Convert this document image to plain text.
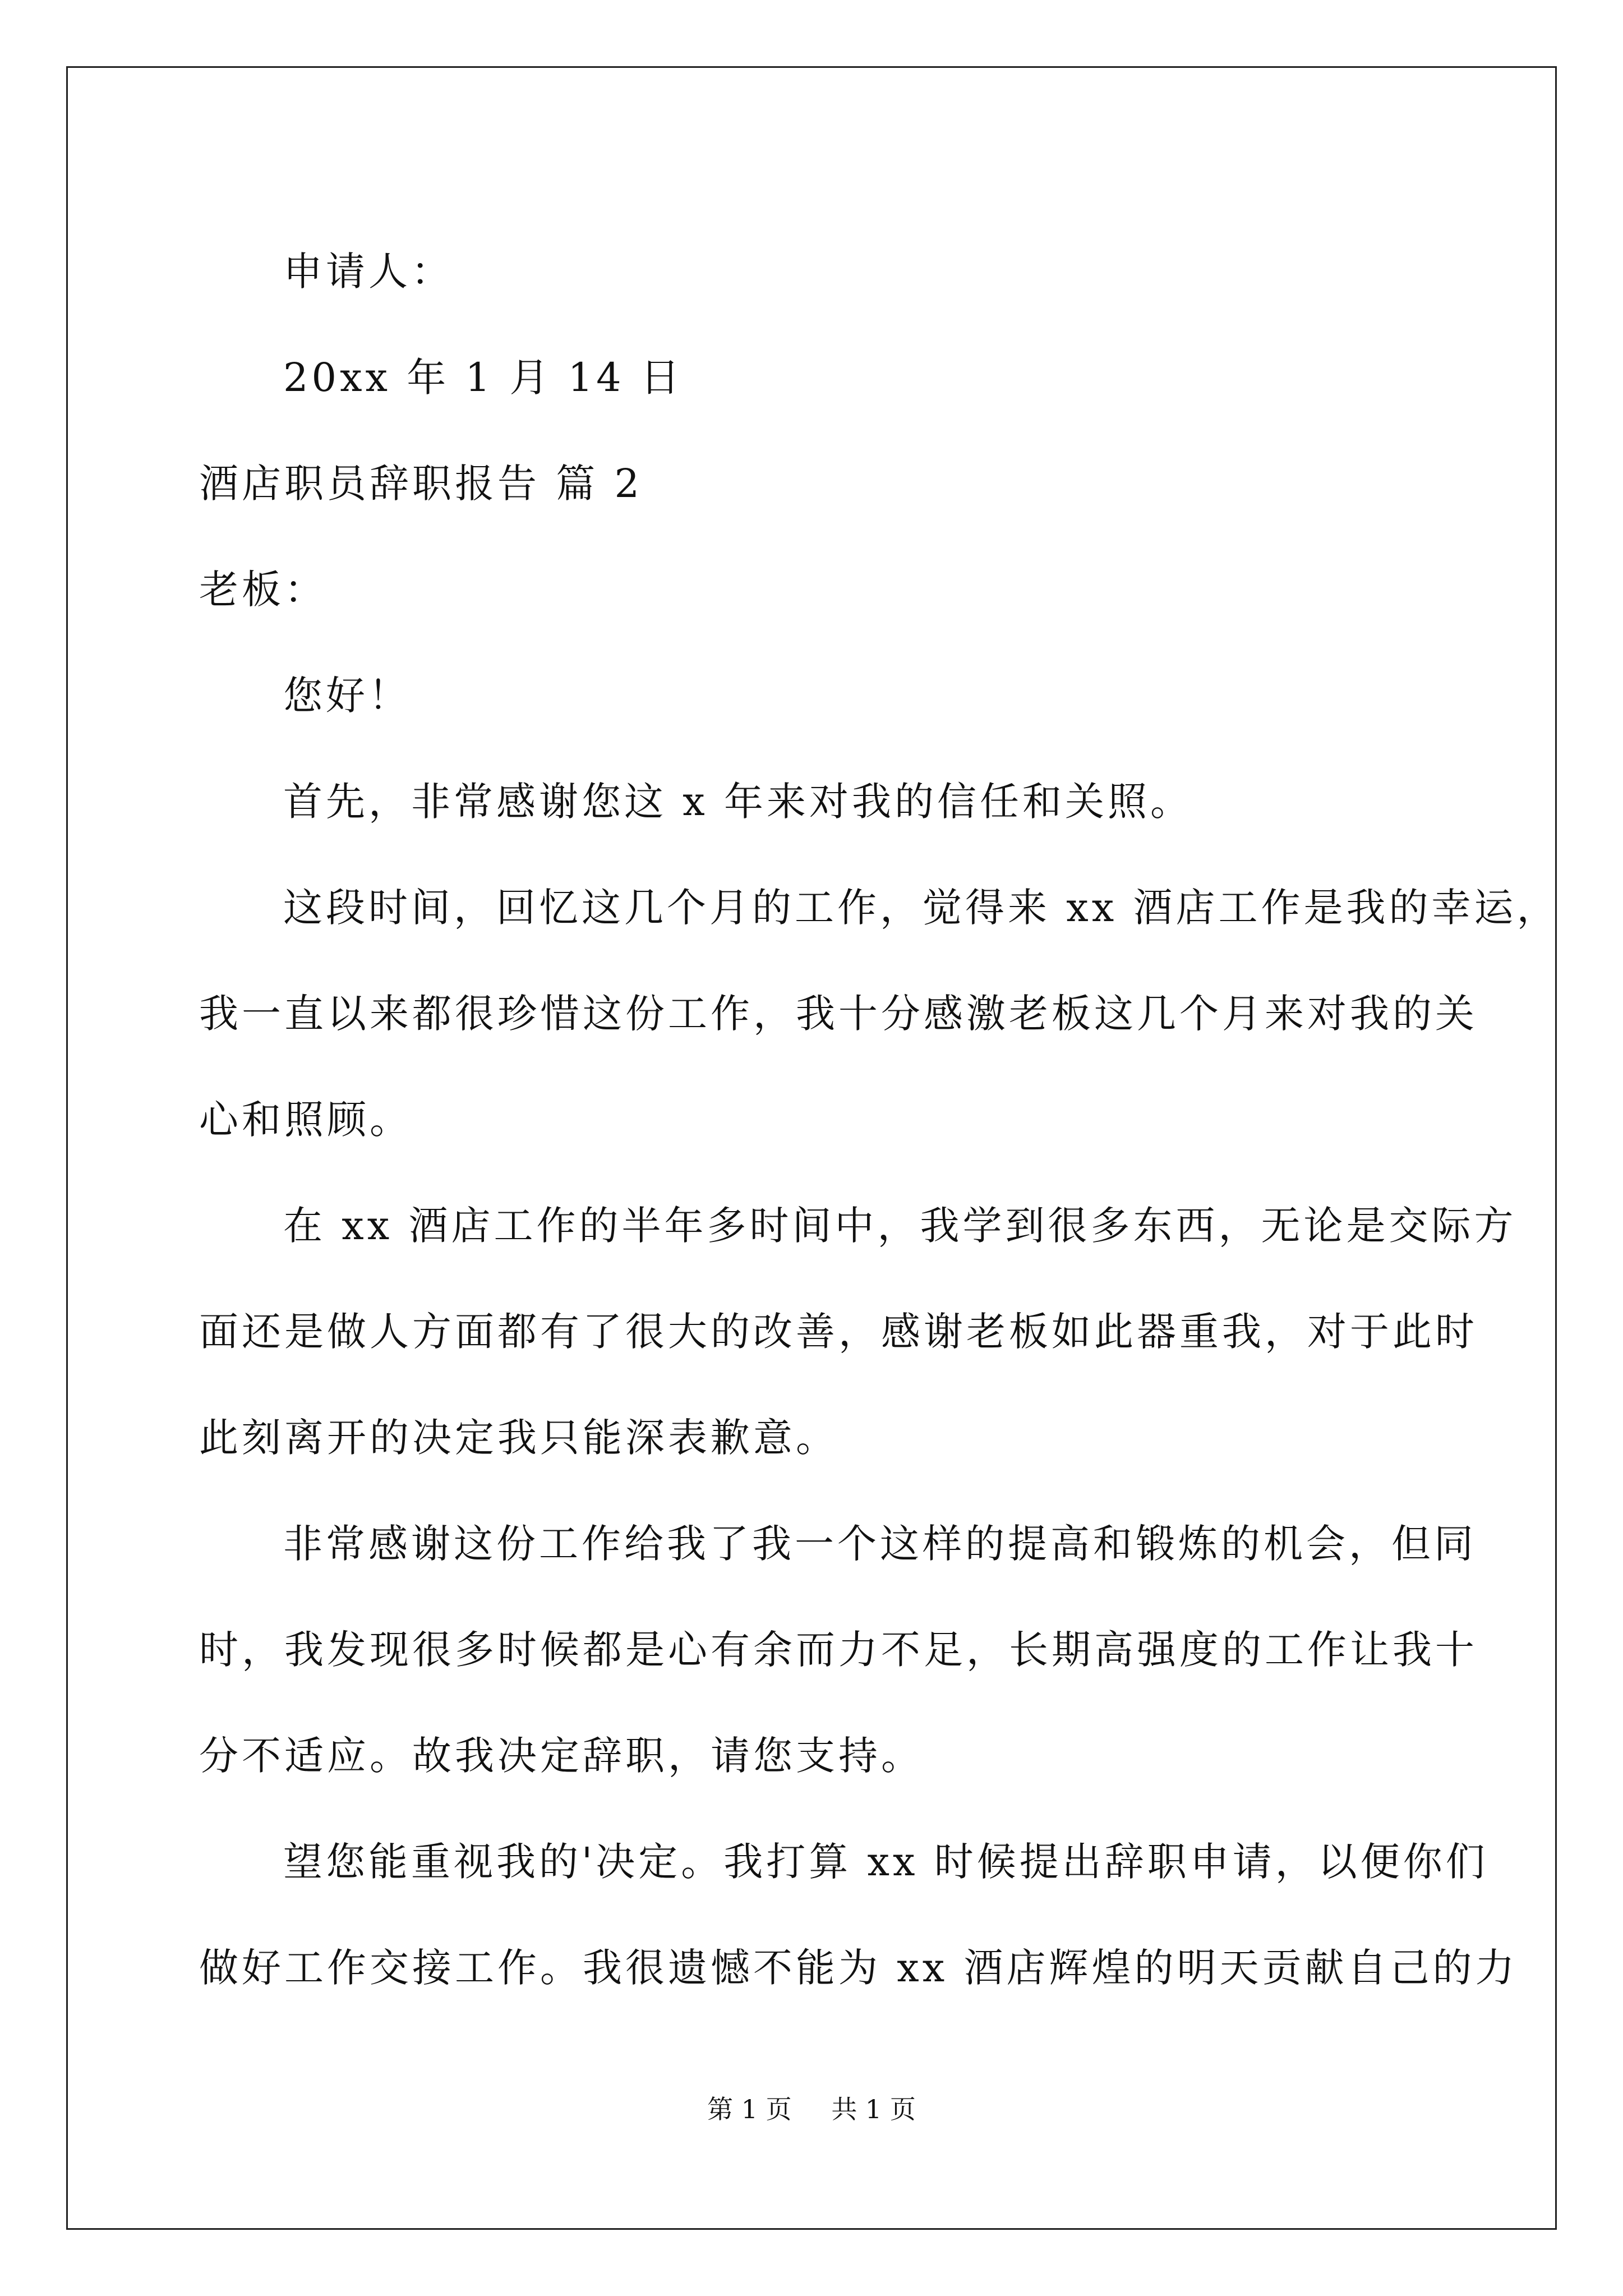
申请人：

20xx 年 1 月 14 日

酒店职员辞职报告 篇 2

老板：

您好！

首先，非常感谢您这 x 年来对我的信任和关照。

这段时间，回忆这几个月的工作，觉得来 xx 酒店工作是我的幸运，

我一直以来都很珍惜这份工作，我十分感激老板这几个月来对我的关

心和照顾。

在 xx 酒店工作的半年多时间中，我学到很多东西，无论是交际方

面还是做人方面都有了很大的改善，感谢老板如此器重我，对于此时

此刻离开的决定我只能深表歉意。

非常感谢这份工作给我了我一个这样的提高和锻炼的机会，但同

时，我发现很多时候都是心有余而力不足，长期高强度的工作让我十

分不适应。故我决定辞职，请您支持。

望您能重视我的'决定。我打算 xx 时候提出辞职申请，以便你们

做好工作交接工作。我很遗憾不能为 xx 酒店辉煌的明天贡献自己的力

第 1 页 共 1 页
